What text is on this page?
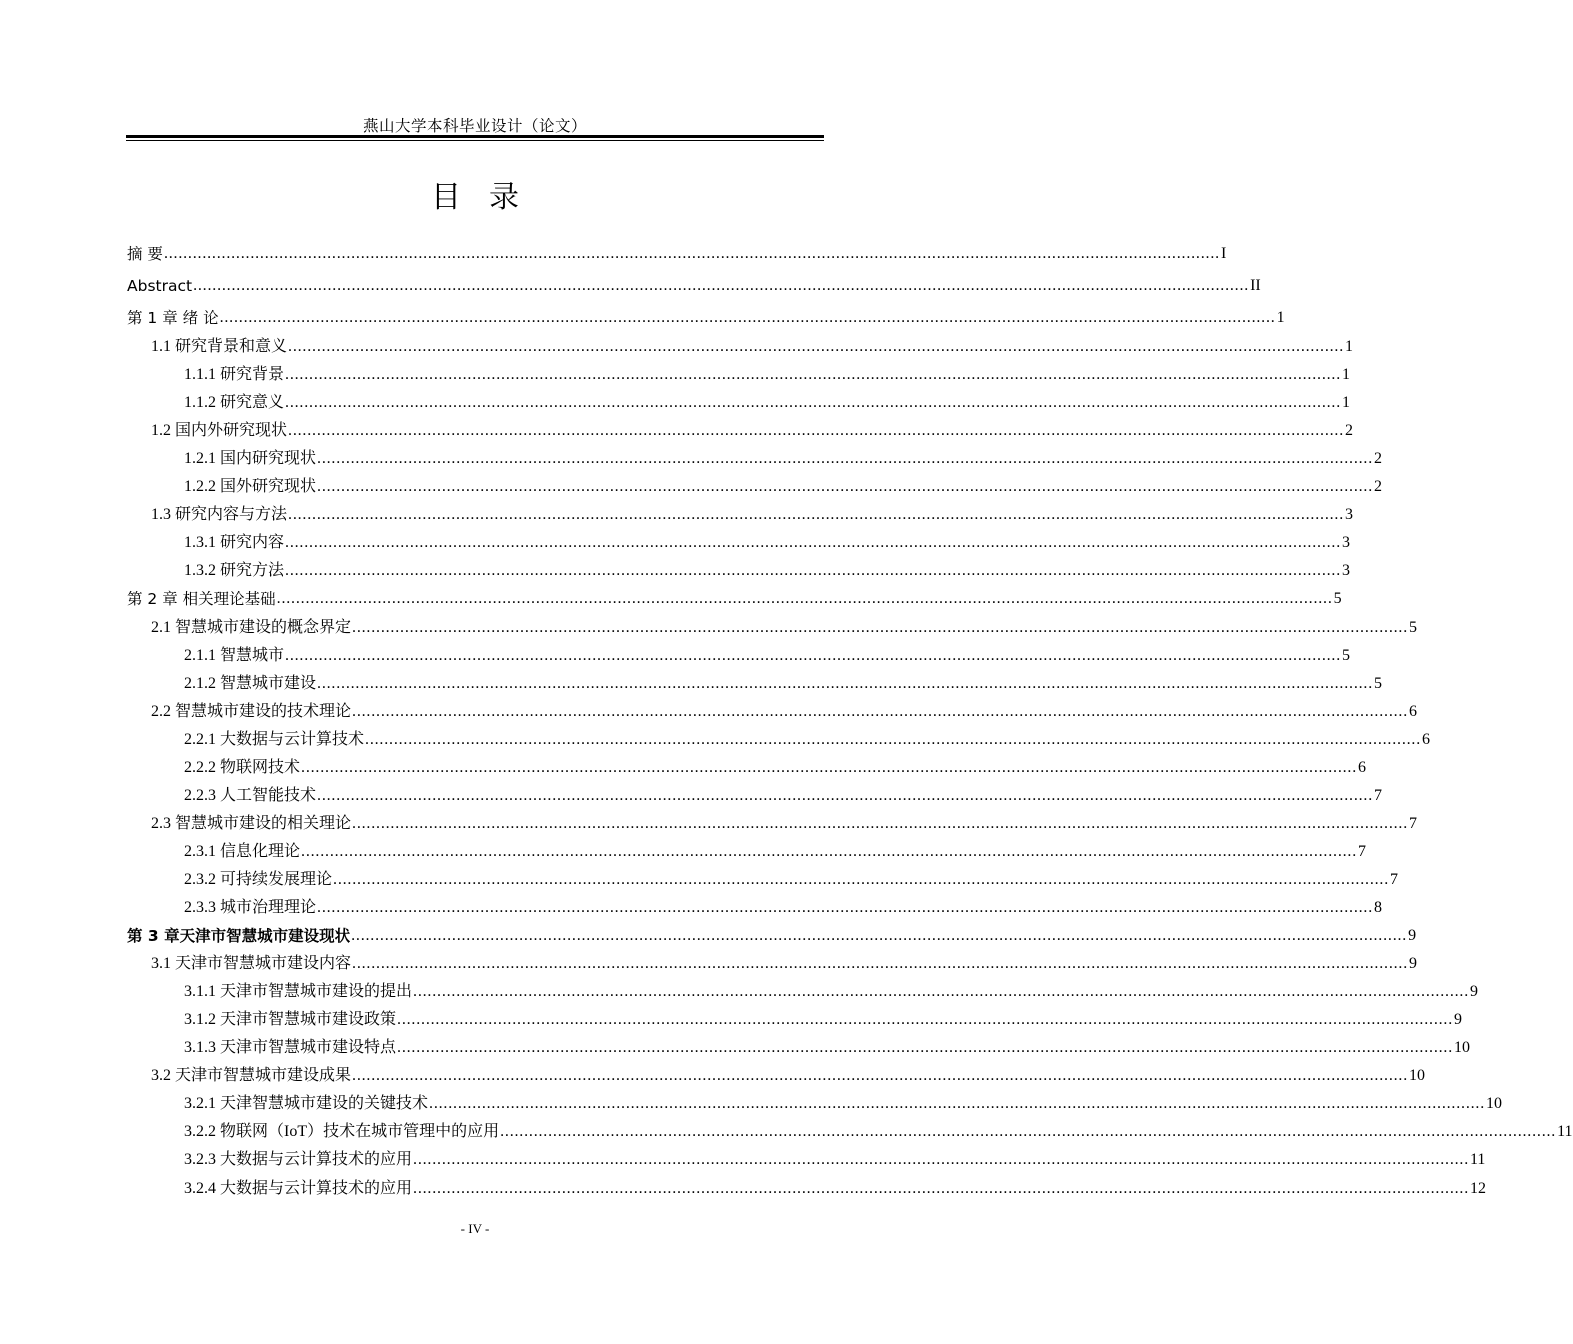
燕山大学本科毕业设计（论文）
目录
摘 要 ............................................................................................................................................................................................................................ I
Abstract ............................................................................................................................................................................................................................ II
第 1 章 绪 论 ............................................................................................................................................................................................................................ 1
1.1 研究背景和意义 ............................................................................................................................................................................................................................ 1
1.1.1 研究背景 ............................................................................................................................................................................................................................ 1
1.1.2 研究意义 ............................................................................................................................................................................................................................ 1
1.2 国内外研究现状 ............................................................................................................................................................................................................................ 2
1.2.1 国内研究现状 ............................................................................................................................................................................................................................ 2
1.2.2 国外研究现状 ............................................................................................................................................................................................................................ 2
1.3 研究内容与方法 ............................................................................................................................................................................................................................ 3
1.3.1 研究内容 ............................................................................................................................................................................................................................ 3
1.3.2 研究方法 ............................................................................................................................................................................................................................ 3
第 2 章 相关理论基础 ............................................................................................................................................................................................................................ 5
2.1 智慧城市建设的概念界定 ............................................................................................................................................................................................................................ 5
2.1.1 智慧城市 ............................................................................................................................................................................................................................ 5
2.1.2 智慧城市建设 ............................................................................................................................................................................................................................ 5
2.2 智慧城市建设的技术理论 ............................................................................................................................................................................................................................ 6
2.2.1 大数据与云计算技术 ............................................................................................................................................................................................................................ 6
2.2.2 物联网技术 ............................................................................................................................................................................................................................ 6
2.2.3 人工智能技术 ............................................................................................................................................................................................................................ 7
2.3 智慧城市建设的相关理论 ............................................................................................................................................................................................................................ 7
2.3.1 信息化理论 ............................................................................................................................................................................................................................ 7
2.3.2 可持续发展理论 ............................................................................................................................................................................................................................ 7
2.3.3 城市治理理论 ............................................................................................................................................................................................................................ 8
第 3 章天津市智慧城市建设现状 ............................................................................................................................................................................................................................ 9
3.1 天津市智慧城市建设内容 ............................................................................................................................................................................................................................ 9
3.1.1 天津市智慧城市建设的提出 ............................................................................................................................................................................................................................ 9
3.1.2 天津市智慧城市建设政策 ............................................................................................................................................................................................................................ 9
3.1.3 天津市智慧城市建设特点 ............................................................................................................................................................................................................................ 10
3.2 天津市智慧城市建设成果 ............................................................................................................................................................................................................................ 10
3.2.1 天津智慧城市建设的关键技术 ............................................................................................................................................................................................................................ 10
3.2.2 物联网（IoT）技术在城市管理中的应用 ............................................................................................................................................................................................................................ 11
3.2.3 大数据与云计算技术的应用 ............................................................................................................................................................................................................................ 11
3.2.4 大数据与云计算技术的应用 ............................................................................................................................................................................................................................ 12
- IV -
